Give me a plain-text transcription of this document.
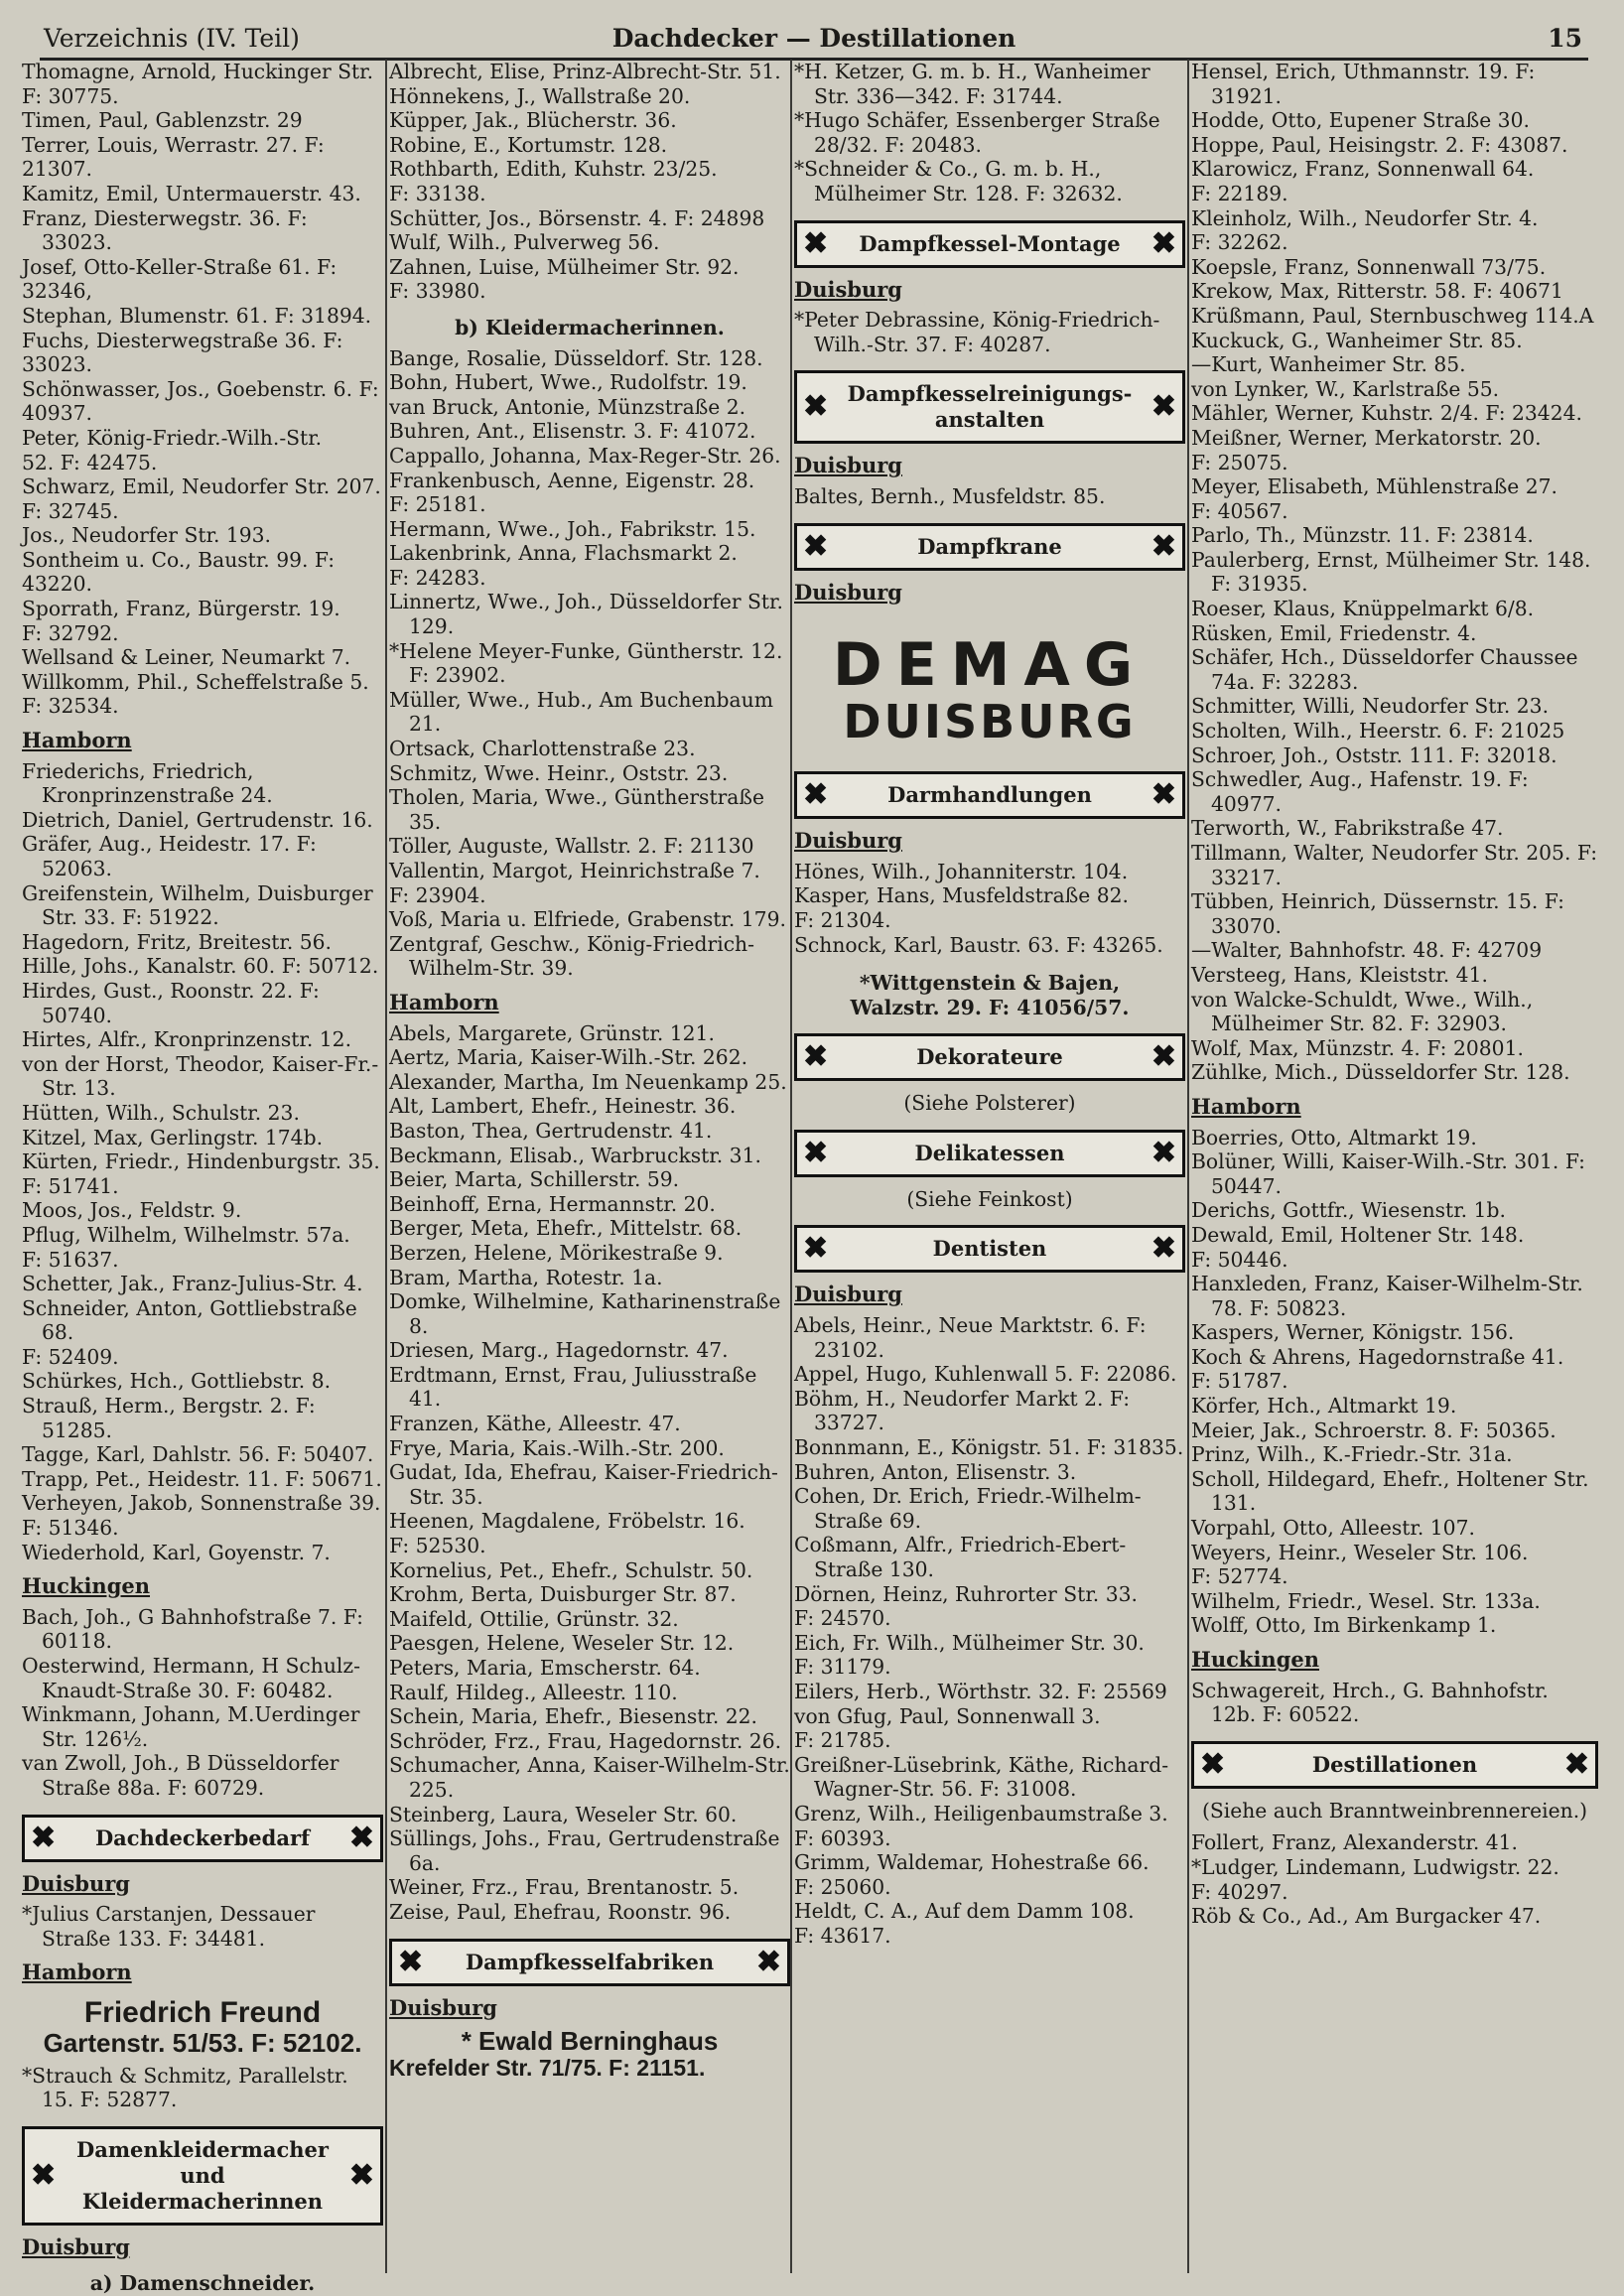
Verzeichnis (IV. Teil)	Dachdecker — Destillationen	15
Thomagne, Arnold, Huckinger Str.
F: 30775.
Timen, Paul, Gablenzstr. 29
Terrer, Louis, Werrastr. 27. F:
21307.
Kamitz, Emil, Untermauerstr. 43.
Franz, Diesterwegstr. 36. F: 33023.
Josef, Otto-Keller-Straße 61. F:
32346,
Stephan, Blumenstr. 61. F: 31894.
Fuchs, Diesterwegstraße 36. F:
33023.
Schönwasser, Jos., Goebenstr. 6. F:
40937.
Peter, König-Friedr.-Wilh.-Str.
52. F: 42475.
Schwarz, Emil, Neudorfer Str. 207.
F: 32745.
Jos., Neudorfer Str. 193.
Sontheim u. Co., Baustr. 99. F:
43220.
Sporrath, Franz, Bürgerstr. 19.
F: 32792.
Wellsand & Leiner, Neumarkt 7.
Willkomm, Phil., Scheffelstraße 5.
F: 32534.
Hamborn
Friederichs, Friedrich, Kronprinzenstraße 24.
Dietrich, Daniel, Gertrudenstr. 16.
Gräfer, Aug., Heidestr. 17. F: 52063.
Greifenstein, Wilhelm, Duisburger Str. 33. F: 51922.
Hagedorn, Fritz, Breitestr. 56.
Hille, Johs., Kanalstr. 60. F: 50712.
Hirdes, Gust., Roonstr. 22. F: 50740.
Hirtes, Alfr., Kronprinzenstr. 12.
von der Horst, Theodor, Kaiser-Fr.-Str. 13.
Hütten, Wilh., Schulstr. 23.
Kitzel, Max, Gerlingstr. 174b.
Kürten, Friedr., Hindenburgstr. 35.
F: 51741.
Moos, Jos., Feldstr. 9.
Pflug, Wilhelm, Wilhelmstr. 57a.
F: 51637.
Schetter, Jak., Franz-Julius-Str. 4.
Schneider, Anton, Gottliebstraße 68.
F: 52409.
Schürkes, Hch., Gottliebstr. 8.
Strauß, Herm., Bergstr. 2. F: 51285.
Tagge, Karl, Dahlstr. 56. F: 50407.
Trapp, Pet., Heidestr. 11. F: 50671.
Verheyen, Jakob, Sonnenstraße 39.
F: 51346.
Wiederhold, Karl, Goyenstr. 7.
Huckingen
Bach, Joh., G Bahnhofstraße 7. F: 60118.
Oesterwind, Hermann, H Schulz-Knaudt-Straße 30. F: 60482.
Winkmann, Johann, M.Uerdinger Str. 126½.
van Zwoll, Joh., B Düsseldorfer Straße 88a. F: 60729.
✖ Dachdeckerbedarf ✖
Duisburg
*Julius Carstanjen, Dessauer Straße 133. F: 34481.
Hamborn
Friedrich Freund
Gartenstr. 51/53. F: 52102.
*Strauch & Schmitz, Parallelstr. 15. F: 52877.
✖ Damenkleidermacher und Kleidermacherinnen ✖
Duisburg
a) Damenschneider.
Albrecht, Elise, Prinz-Albrecht-Str. 51.
Hönnekens, J., Wallstraße 20.
Küpper, Jak., Blücherstr. 36.
Robine, E., Kortumstr. 128.
Rothbarth, Edith, Kuhstr. 23/25.
F: 33138.
Schütter, Jos., Börsenstr. 4. F: 24898
Wulf, Wilh., Pulverweg 56.
Zahnen, Luise, Mülheimer Str. 92.
F: 33980.
b) Kleidermacherinnen.
Bange, Rosalie, Düsseldorf. Str. 128.
Bohn, Hubert, Wwe., Rudolfstr. 19.
van Bruck, Antonie, Münzstraße 2.
Buhren, Ant., Elisenstr. 3. F: 41072.
Cappallo, Johanna, Max-Reger-Str. 26.
Frankenbusch, Aenne, Eigenstr. 28.
F: 25181.
Hermann, Wwe., Joh., Fabrikstr. 15.
Lakenbrink, Anna, Flachsmarkt 2.
F: 24283.
Linnertz, Wwe., Joh., Düsseldorfer Str. 129.
*Helene Meyer-Funke, Güntherstr. 12. F: 23902.
Müller, Wwe., Hub., Am Buchenbaum 21.
Ortsack, Charlottenstraße 23.
Schmitz, Wwe. Heinr., Oststr. 23.
Tholen, Maria, Wwe., Güntherstraße 35.
Töller, Auguste, Wallstr. 2. F: 21130
Vallentin, Margot, Heinrichstraße 7.
F: 23904.
Voß, Maria u. Elfriede, Grabenstr. 179.
Zentgraf, Geschw., König-Friedrich-Wilhelm-Str. 39.
Hamborn
Abels, Margarete, Grünstr. 121.
Aertz, Maria, Kaiser-Wilh.-Str. 262.
Alexander, Martha, Im Neuenkamp 25.
Alt, Lambert, Ehefr., Heinestr. 36.
Baston, Thea, Gertrudenstr. 41.
Beckmann, Elisab., Warbruckstr. 31.
Beier, Marta, Schillerstr. 59.
Beinhoff, Erna, Hermannstr. 20.
Berger, Meta, Ehefr., Mittelstr. 68.
Berzen, Helene, Mörikestraße 9.
Bram, Martha, Rotestr. 1a.
Domke, Wilhelmine, Katharinenstraße 8.
Driesen, Marg., Hagedornstr. 47.
Erdtmann, Ernst, Frau, Juliusstraße 41.
Franzen, Käthe, Alleestr. 47.
Frye, Maria, Kais.-Wilh.-Str. 200.
Gudat, Ida, Ehefrau, Kaiser-Friedrich-Str. 35.
Heenen, Magdalene, Fröbelstr. 16.
F: 52530.
Kornelius, Pet., Ehefr., Schulstr. 50.
Krohm, Berta, Duisburger Str. 87.
Maifeld, Ottilie, Grünstr. 32.
Paesgen, Helene, Weseler Str. 12.
Peters, Maria, Emscherstr. 64.
Raulf, Hildeg., Alleestr. 110.
Schein, Maria, Ehefr., Biesenstr. 22.
Schröder, Frz., Frau, Hagedornstr. 26.
Schumacher, Anna, Kaiser-Wilhelm-Str. 225.
Steinberg, Laura, Weseler Str. 60.
Süllings, Johs., Frau, Gertrudenstraße 6a.
Weiner, Frz., Frau, Brentanostr. 5.
Zeise, Paul, Ehefrau, Roonstr. 96.
✖ Dampfkesselfabriken ✖
Duisburg
* Ewald Berninghaus
Krefelder Str. 71/75. F: 21151.
*H. Ketzer, G. m. b. H., Wanheimer Str. 336—342. F: 31744.
*Hugo Schäfer, Essenberger Straße 28/32. F: 20483.
*Schneider & Co., G. m. b. H., Mülheimer Str. 128. F: 32632.
✖ Dampfkessel-Montage ✖
Duisburg
*Peter Debrassine, König-Friedrich-Wilh.-Str. 37. F: 40287.
✖ Dampfkesselreinigungs-anstalten ✖
Duisburg
Baltes, Bernh., Musfeldstr. 85.
✖ Dampfkrane ✖
Duisburg
DEMAG
DUISBURG
✖ Darmhandlungen ✖
Duisburg
Hönes, Wilh., Johanniterstr. 104.
Kasper, Hans, Musfeldstraße 82.
F: 21304.
Schnock, Karl, Baustr. 63. F: 43265.
*Wittgenstein & Bajen,
Walzstr. 29. F: 41056/57.
✖ Dekorateure ✖
(Siehe Polsterer)
✖ Delikatessen ✖
(Siehe Feinkost)
✖ Dentisten ✖
Duisburg
Abels, Heinr., Neue Marktstr. 6. F: 23102.
Appel, Hugo, Kuhlenwall 5. F: 22086.
Böhm, H., Neudorfer Markt 2. F: 33727.
Bonnmann, E., Königstr. 51. F: 31835.
Buhren, Anton, Elisenstr. 3.
Cohen, Dr. Erich, Friedr.-Wilhelm-Straße 69.
Coßmann, Alfr., Friedrich-Ebert-Straße 130.
Dörnen, Heinz, Ruhrorter Str. 33.
F: 24570.
Eich, Fr. Wilh., Mülheimer Str. 30.
F: 31179.
Eilers, Herb., Wörthstr. 32. F: 25569
von Gfug, Paul, Sonnenwall 3.
F: 21785.
Greißner-Lüsebrink, Käthe, Richard-Wagner-Str. 56. F: 31008.
Grenz, Wilh., Heiligenbaumstraße 3.
F: 60393.
Grimm, Waldemar, Hohestraße 66.
F: 25060.
Heldt, C. A., Auf dem Damm 108.
F: 43617.
Hensel, Erich, Uthmannstr. 19. F: 31921.
Hodde, Otto, Eupener Straße 30.
Hoppe, Paul, Heisingstr. 2. F: 43087.
Klarowicz, Franz, Sonnenwall 64.
F: 22189.
Kleinholz, Wilh., Neudorfer Str. 4.
F: 32262.
Koepsle, Franz, Sonnenwall 73/75.
Krekow, Max, Ritterstr. 58. F: 40671
Krüßmann, Paul, Sternbuschweg 114.A
Kuckuck, G., Wanheimer Str. 85.
—Kurt, Wanheimer Str. 85.
von Lynker, W., Karlstraße 55.
Mähler, Werner, Kuhstr. 2/4. F: 23424.
Meißner, Werner, Merkatorstr. 20.
F: 25075.
Meyer, Elisabeth, Mühlenstraße 27.
F: 40567.
Parlo, Th., Münzstr. 11. F: 23814.
Paulerberg, Ernst, Mülheimer Str. 148. F: 31935.
Roeser, Klaus, Knüppelmarkt 6/8.
Rüsken, Emil, Friedenstr. 4.
Schäfer, Hch., Düsseldorfer Chaussee 74a. F: 32283.
Schmitter, Willi, Neudorfer Str. 23.
Scholten, Wilh., Heerstr. 6. F: 21025
Schroer, Joh., Oststr. 111. F: 32018.
Schwedler, Aug., Hafenstr. 19. F: 40977.
Terworth, W., Fabrikstraße 47.
Tillmann, Walter, Neudorfer Str. 205. F: 33217.
Tübben, Heinrich, Düssernstr. 15. F: 33070.
—Walter, Bahnhofstr. 48. F: 42709
Versteeg, Hans, Kleiststr. 41.
von Walcke-Schuldt, Wwe., Wilh., Mülheimer Str. 82. F: 32903.
Wolf, Max, Münzstr. 4. F: 20801.
Zühlke, Mich., Düsseldorfer Str. 128.
Hamborn
Boerries, Otto, Altmarkt 19.
Bolüner, Willi, Kaiser-Wilh.-Str. 301. F: 50447.
Derichs, Gottfr., Wiesenstr. 1b.
Dewald, Emil, Holtener Str. 148.
F: 50446.
Hanxleden, Franz, Kaiser-Wilhelm-Str. 78. F: 50823.
Kaspers, Werner, Königstr. 156.
Koch & Ahrens, Hagedornstraße 41.
F: 51787.
Körfer, Hch., Altmarkt 19.
Meier, Jak., Schroerstr. 8. F: 50365.
Prinz, Wilh., K.-Friedr.-Str. 31a.
Scholl, Hildegard, Ehefr., Holtener Str. 131.
Vorpahl, Otto, Alleestr. 107.
Weyers, Heinr., Weseler Str. 106.
F: 52774.
Wilhelm, Friedr., Wesel. Str. 133a.
Wolff, Otto, Im Birkenkamp 1.
Huckingen
Schwagereit, Hrch., G. Bahnhofstr. 12b. F: 60522.
✖ Destillationen ✖
(Siehe auch Branntweinbrennereien.)
Follert, Franz, Alexanderstr. 41.
*Ludger, Lindemann, Ludwigstr. 22.
F: 40297.
Röb & Co., Ad., Am Burgacker 47.
